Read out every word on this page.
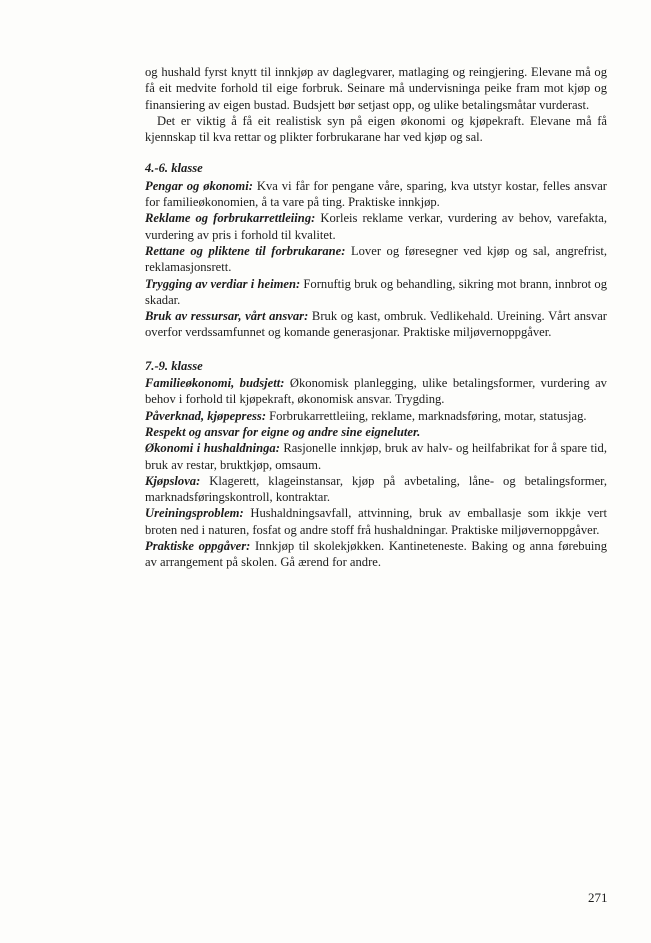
og hushald fyrst knytt til innkjøp av daglegvarer, matlaging og reingjering. Elevane må og få eit medvite forhold til eige forbruk. Seinare må undervisninga peike fram mot kjøp og finansiering av eigen bustad. Budsjett bør setjast opp, og ulike betalingsmåtar vurderast.

Det er viktig å få eit realistisk syn på eigen økonomi og kjøpekraft. Elevane må få kjennskap til kva rettar og plikter forbrukarane har ved kjøp og sal.

4.-6. klasse

Pengar og økonomi: Kva vi får for pengane våre, sparing, kva utstyr kostar, felles ansvar for familieøkonomien, å ta vare på ting. Praktiske innkjøp.

Reklame og forbrukarrettleiing: Korleis reklame verkar, vurdering av behov, varefakta, vurdering av pris i forhold til kvalitet.

Rettane og pliktene til forbrukarane: Lover og føresegner ved kjøp og sal, angrefrist, reklamasjonsrett.

Trygging av verdiar i heimen: Fornuftig bruk og behandling, sikring mot brann, innbrot og skadar.

Bruk av ressursar, vårt ansvar: Bruk og kast, ombruk. Vedlikehald. Ureining. Vårt ansvar overfor verdssamfunnet og komande generasjonar. Praktiske miljøvernoppgåver.

7.-9. klasse

Familieøkonomi, budsjett: Økonomisk planlegging, ulike betalingsformer, vurdering av behov i forhold til kjøpekraft, økonomisk ansvar. Trygding.

Påverknad, kjøpepress: Forbrukarrettleiing, reklame, marknadsføring, motar, statusjag.

Respekt og ansvar for eigne og andre sine eigneluter.

Økonomi i hushaldninga: Rasjonelle innkjøp, bruk av halv- og heilfabrikat for å spare tid, bruk av restar, bruktkjøp, omsaum.

Kjøpslova: Klagerett, klageinstansar, kjøp på avbetaling, låne- og betalingsformer, marknadsføringskontroll, kontraktar.

Ureiningsproblem: Hushaldningsavfall, attvinning, bruk av emballasje som ikkje vert broten ned i naturen, fosfat og andre stoff frå hushaldningar. Praktiske miljøvernoppgåver.

Praktiske oppgåver: Innkjøp til skolekjøkken. Kantineteneste. Baking og anna førebuing av arrangement på skolen. Gå ærend for andre.

271
